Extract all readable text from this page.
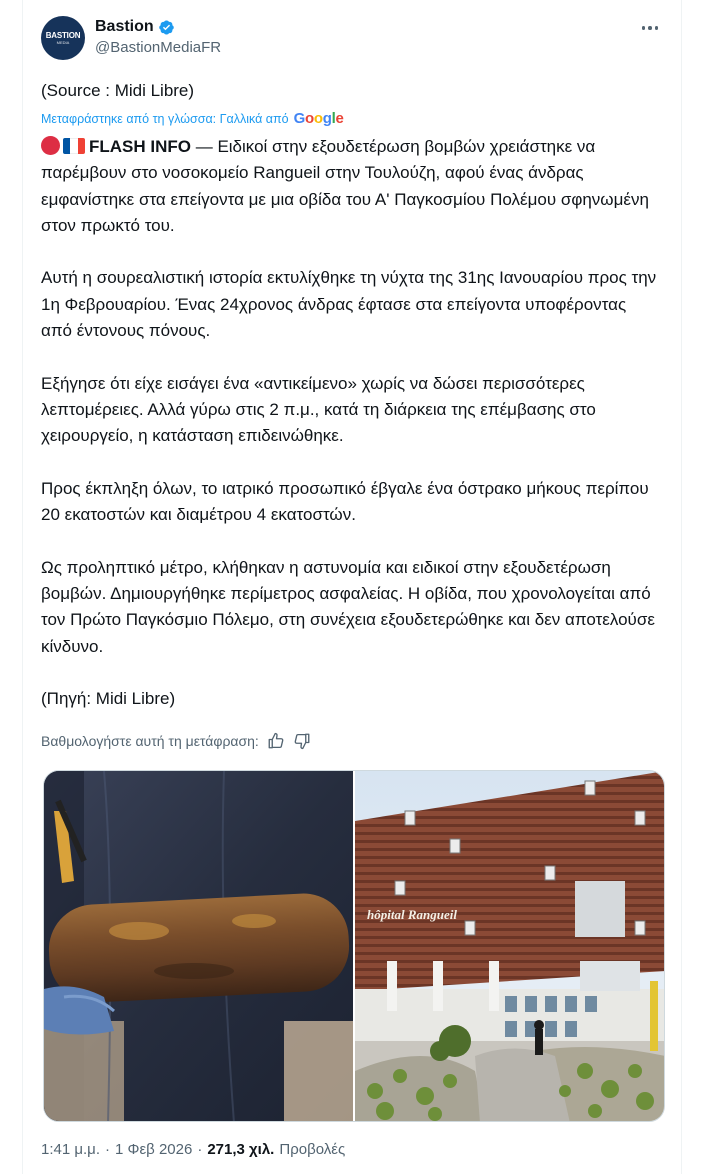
BASTION
MEDIA
Bastion
@BastionMediaFR
(Source : Midi Libre)
Μεταφράστηκε από τη γλώσσα: Γαλλικά από Google

FLASH INFO — Ειδικοί στην εξουδετέρωση βομβών χρειάστηκε να παρέμβουν στο νοσοκομείο Rangueil στην Τουλούζη, αφού ένας άνδρας εμφανίστηκε στα επείγοντα με μια οβίδα του Α' Παγκοσμίου Πολέμου σφηνωμένη στον πρωκτό του.

Αυτή η σουρεαλιστική ιστορία εκτυλίχθηκε τη νύχτα της 31ης Ιανουαρίου προς την 1η Φεβρουαρίου. Ένας 24χρονος άνδρας έφτασε στα επείγοντα υποφέροντας από έντονους πόνους.

Εξήγησε ότι είχε εισάγει ένα «αντικείμενο» χωρίς να δώσει περισσότερες λεπτομέρειες. Αλλά γύρω στις 2 π.μ., κατά τη διάρκεια της επέμβασης στο χειρουργείο, η κατάσταση επιδεινώθηκε.

Προς έκπληξη όλων, το ιατρικό προσωπικό έβγαλε ένα όστρακο μήκους περίπου 20 εκατοστών και διαμέτρου 4 εκατοστών.

Ως προληπτικό μέτρο, κλήθηκαν η αστυνομία και ειδικοί στην εξουδετέρωση βομβών. Δημιουργήθηκε περίμετρος ασφαλείας. Η οβίδα, που χρονολογείται από τον Πρώτο Παγκόσμιο Πόλεμο, στη συνέχεια εξουδετερώθηκε και δεν αποτελούσε κίνδυνο.

(Πηγή: Midi Libre)

Βαθμολογήστε αυτή τη μετάφραση:
hôpital Rangueil
1:41 μ.μ. · 1 Φεβ 2026 · 271,3 χιλ. Προβολές
